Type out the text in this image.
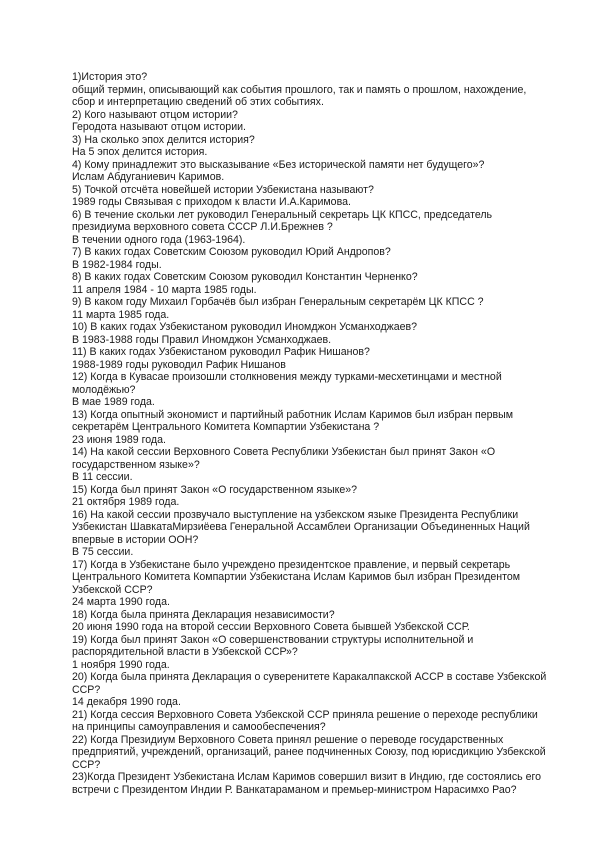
1)История это?
общий термин, описывающий как события прошлого, так и память о прошлом, нахождение,
сбор и интерпретацию сведений об этих событиях.
2) Кого называют отцом истории?
Геродота называют отцом истории.
3) На сколько эпох делится история?
На 5 эпох делится история.
4) Кому принадлежит это высказывание «Без исторической памяти нет будущего»?
Ислам Абдуганиевич Каримов.
5) Точкой отсчёта новейшей истории Узбекистана называют?
1989 годы Связывая с приходом к власти И.А.Каримова.
6) В течение скольки лет руководил Генеральный секретарь ЦК КПСС, председатель
президиума верховного совета СССР Л.И.Брежнев ?
В течении одного года (1963-1964).
7) В каких годах Советским Союзом руководил Юрий Андропов?
В 1982-1984 годы.
8) В каких годах Советским Союзом руководил Константин Черненко?
11 апреля 1984 - 10 марта 1985 годы.
9) В каком году Михаил Горбачёв был избран Генеральным секретарём ЦК КПСС ?
11 марта 1985 года.
10) В каких годах Узбекистаном руководил Иномджон Усманходжаев?
В 1983-1988 годы Правил Иномджон Усманходжаев.
11) В каких годах Узбекистаном руководил Рафик Нишанов?
1988-1989 годы руководил Рафик Нишанов
12) Когда в Кувасае произошли столкновения между турками-месхетинцами и местной
молодёжью?
В мае 1989 года.
13) Когда опытный экономист и партийный работник Ислам Каримов был избран первым
секретарём Центрального Комитета Компартии Узбекистана ?
23 июня 1989 года.
14) На какой сессии Верховного Совета Республики Узбекистан был принят Закон «О
государственном языке»?
В 11 сессии.
15) Когда был принят Закон «О государственном языке»?
21 октября 1989 года.
16) На какой сессии прозвучало выступление на узбекском языке Президента Республики
Узбекистан ШавкатаМирзиёева Генеральной Ассамблеи Организации Объединенных Наций
впервые в истории ООН?
В 75 сессии.
17) Когда в Узбекистане было учреждено президентское правление, и первый секретарь
Центрального Комитета Компартии Узбекистана Ислам Каримов был избран Президентом
Узбекской ССР?
24 марта 1990 года.
18) Когда была принята Декларация независимости?
20 июня 1990 года на второй сессии Верховного Совета бывшей Узбекской ССР.
19) Когда был принят Закон «О совершенствовании структуры исполнительной и
распорядительной власти в Узбекской ССР»?
1 ноября 1990 года.
20) Когда была принята Декларация о суверенитете Каракалпакской АССР в составе Узбекской
ССР?
14 декабря 1990 года.
21) Когда сессия Верховного Совета Узбекской ССР приняла решение о переходе республики
на принципы самоуправления и самообеспечения?
22) Когда Президиум Верховного Совета принял решение о переводе государственных
предприятий, учреждений, организаций, ранее подчиненных Союзу, под юрисдикцию Узбекской
ССР?
23)Когда Президент Узбекистана Ислам Каримов совершил визит в Индию, где состоялись его
встречи с Президентом Индии Р. Ванкатараманом и премьер-министром Нарасимхо Рао?
